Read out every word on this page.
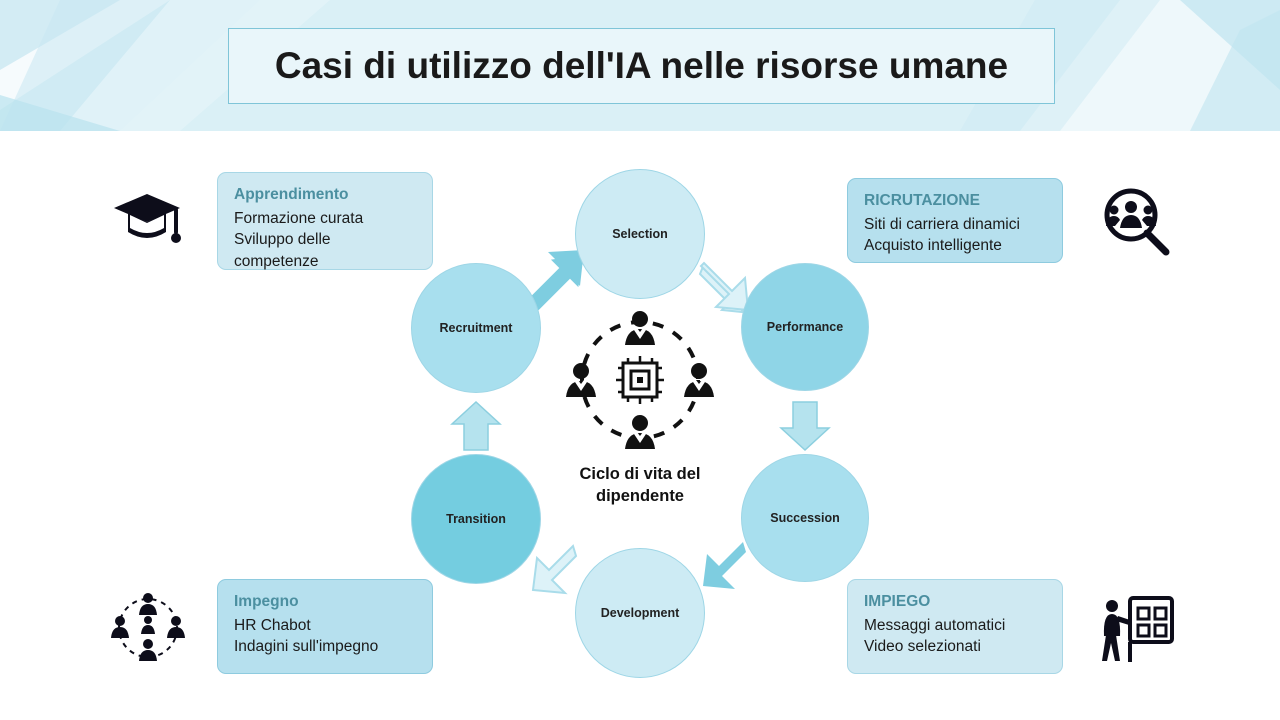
Casi di utilizzo dell'IA nelle risorse umane
Selection
Performance
Succession
Development
Transition
Recruitment
Ciclo di vita del dipendente
Apprendimento
Formazione curata
Sviluppo delle
competenze
RICRUTAZIONE
Siti di carriera dinamici
Acquisto intelligente
Impegno
HR Chabot
Indagini sull'impegno
IMPIEGO
Messaggi automatici
Video selezionati
